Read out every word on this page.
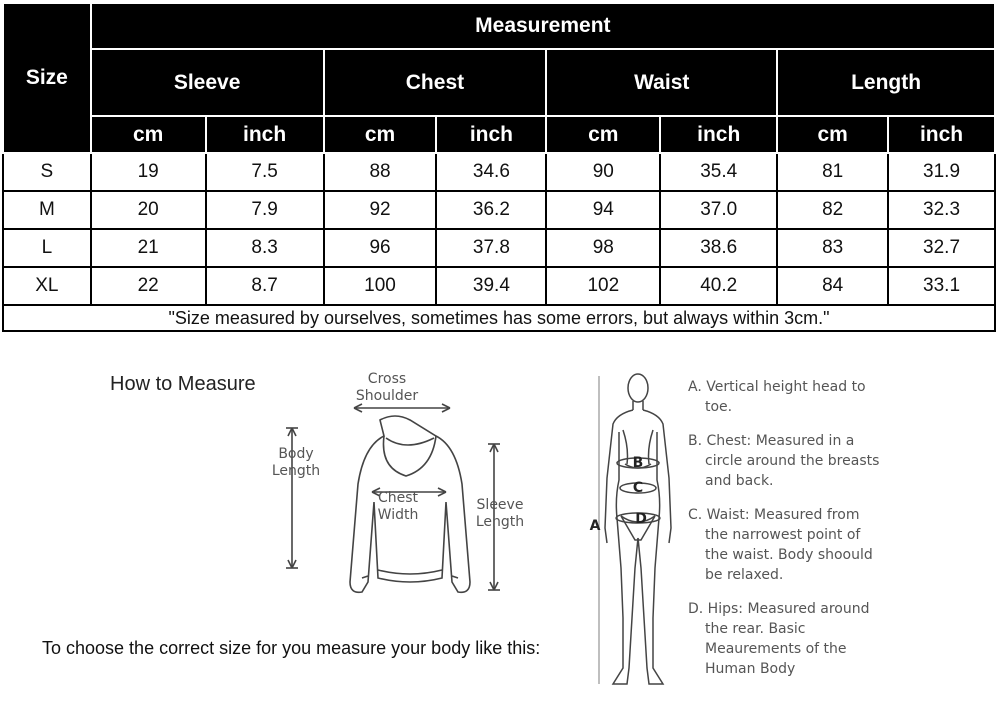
Size	Measurement							
	Sleeve		Chest		Waist		Length	
	cm	inch	cm	inch	cm	inch	cm	inch
S	19	7.5	88	34.6	90	35.4	81	31.9
M	20	7.9	92	36.2	94	37.0	82	32.3
L	21	8.3	96	37.8	98	38.6	83	32.7
XL	22	8.7	100	39.4	102	40.2	84	33.1
"Size measured by ourselves, sometimes has some errors, but always within 3cm."								
How to Measure	Cross
Shoulder
Body
Length
Chest
Width
Sleeve
Length
B
C
D
A
A. Vertical height head to toe.
B. Chest: Measured in a circle around the breasts and back.
C. Waist: Measured from the narrowest point of the waist. Body shoould be relaxed.
D. Hips: Measured around the rear. Basic Meaurements of the Human Body
To choose the correct size for you measure your body like this:
